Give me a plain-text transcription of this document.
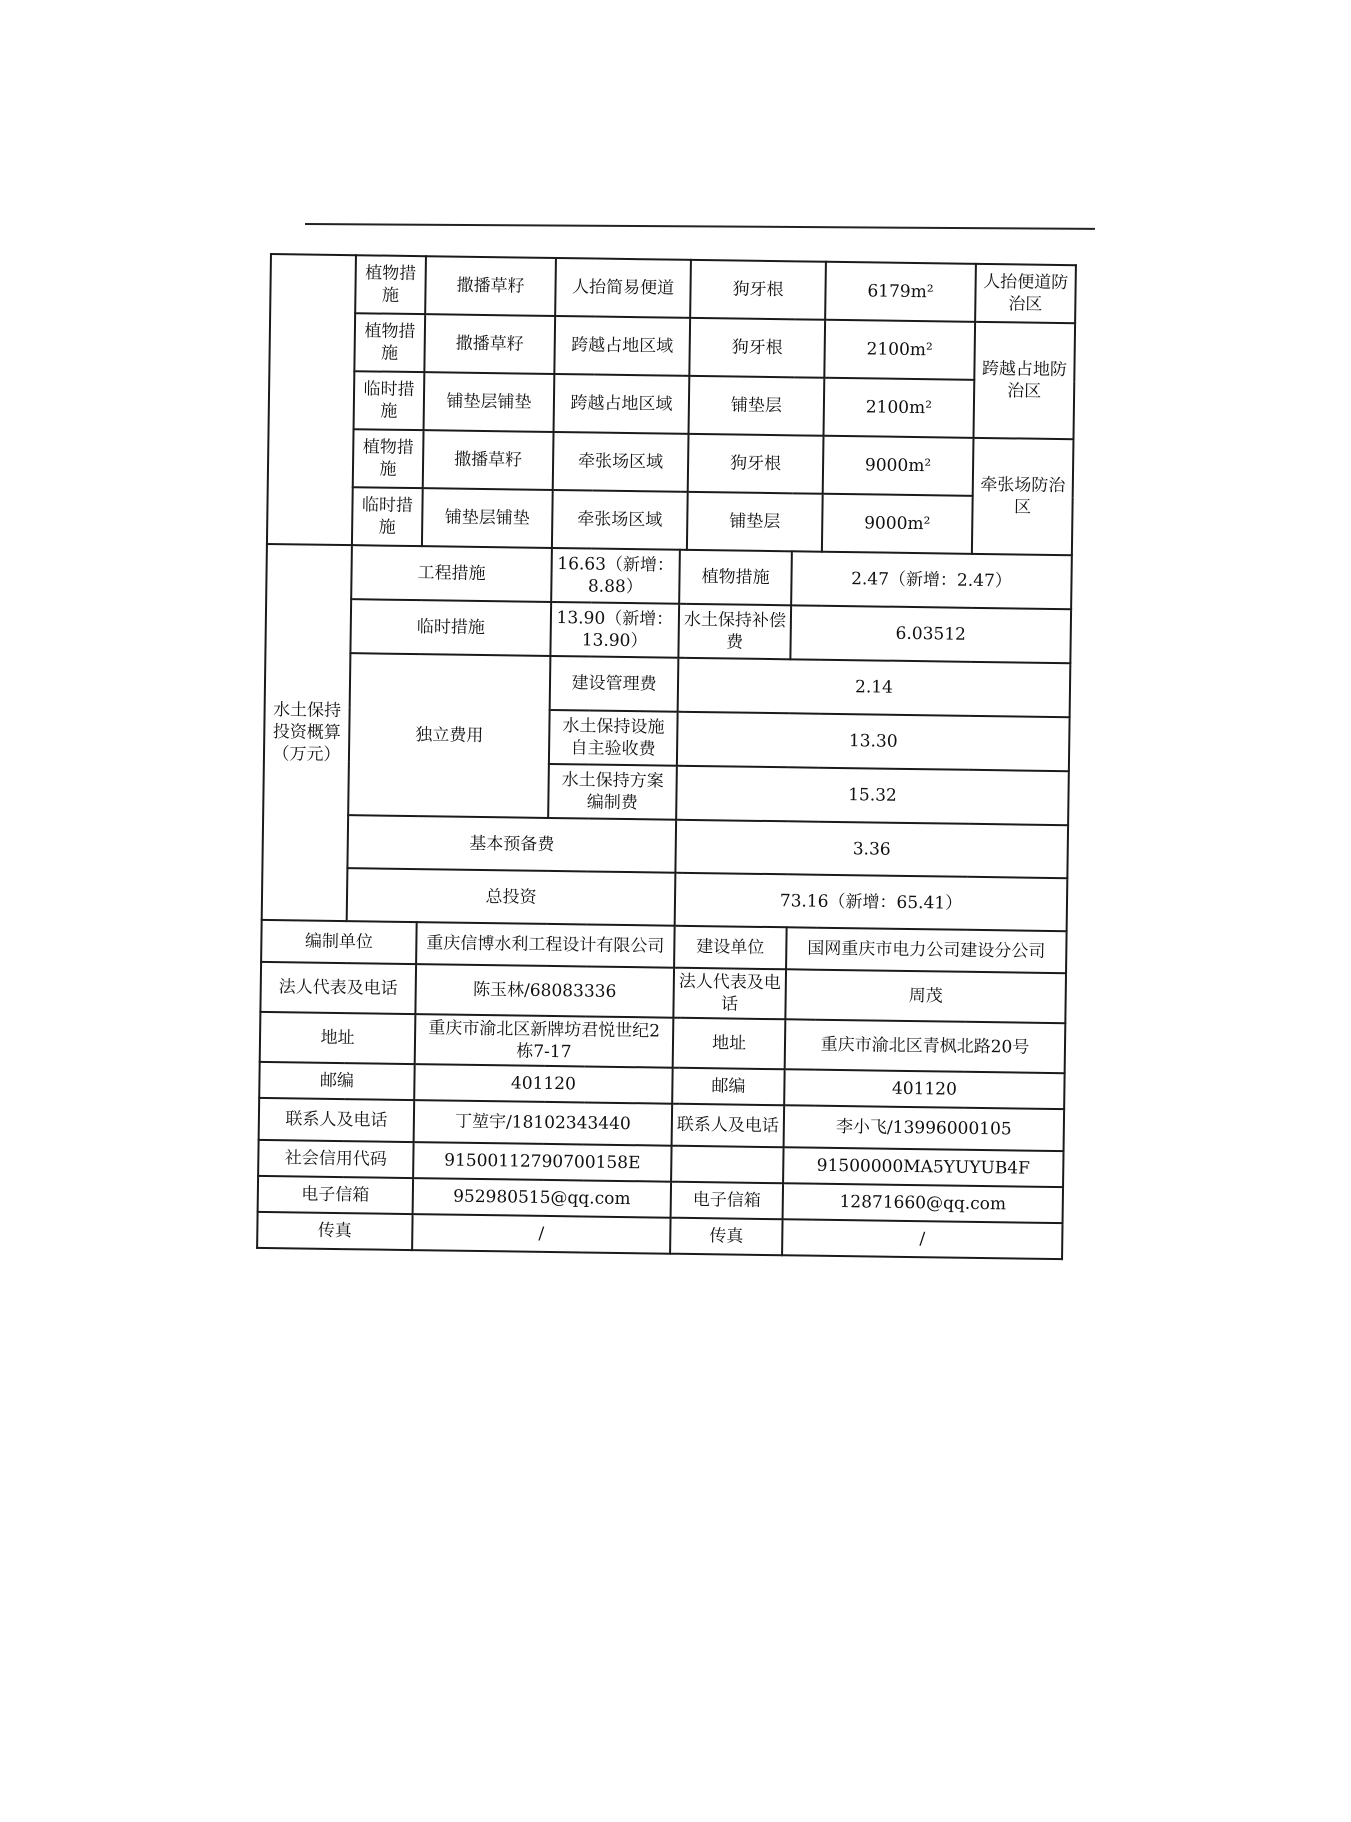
	植物措施	撒播草籽	人抬简易便道		狗牙根		6179m²	人抬便道防治区
	植物措施	撒播草籽	跨越占地区域		狗牙根		2100m²	跨越占地防治区
	临时措施	铺垫层铺垫	跨越占地区域		铺垫层		2100m²	
	植物措施	撒播草籽	牵张场区域		狗牙根		9000m²	牵张场防治区
	临时措施	铺垫层铺垫	牵张场区域		铺垫层		9000m²	
水土保持投资概算（万元）	工程措施		16.63（新增：8.88）	植物措施		2.47（新增：2.47）		
	临时措施		13.90（新增：13.90）	水土保持补偿费		6.03512		
	独立费用		建设管理费	2.14				
			水土保持设施自主验收费	13.30				
			水土保持方案编制费	15.32				
	基本预备费			3.36				
	总投资			73.16（新增：65.41）				
编制单位		重庆信博水利工程设计有限公司		建设单位		国网重庆市电力公司建设分公司		
法人代表及电话		陈玉林/68083336		法人代表及电话		周茂		
地址		重庆市渝北区新牌坊君悦世纪2栋7-17		地址		重庆市渝北区青枫北路20号		
邮编		401120		邮编		401120		
联系人及电话		丁堃宇/18102343440		联系人及电话		李小飞/13996000105		
社会信用代码		91500112790700158E				91500000MA5YUYUB4F		
电子信箱		952980515@qq.com		电子信箱		12871660@qq.com		
传真		/		传真		/		
